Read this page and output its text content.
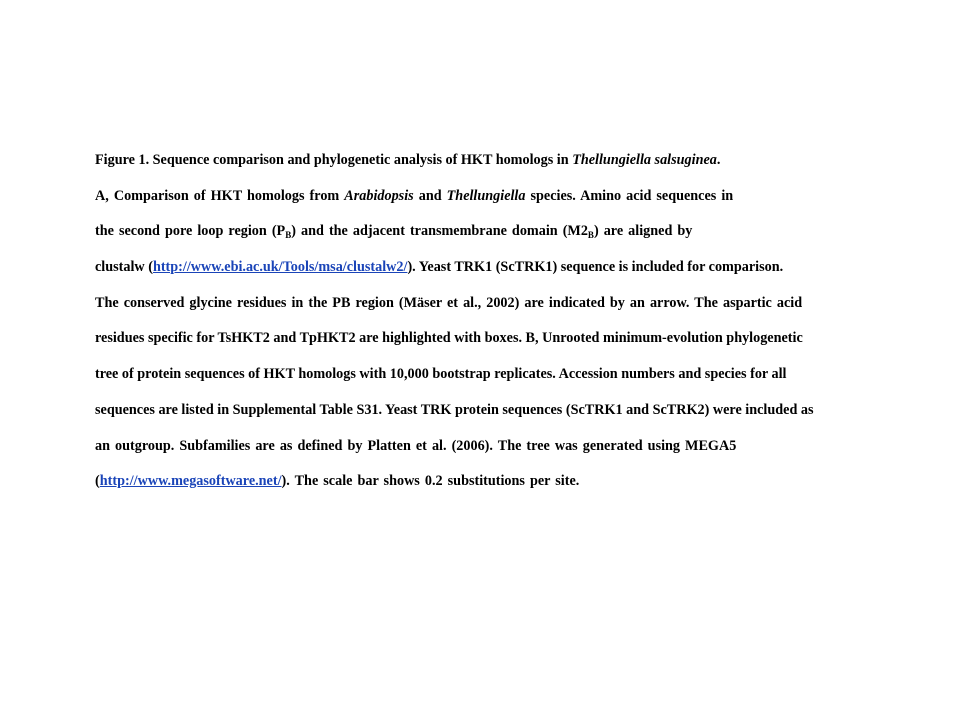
Figure 1. Sequence comparison and phylogenetic analysis of HKT homologs in Thellungiella salsuginea.
A, Comparison of HKT homologs from Arabidopsis and Thellungiella species. Amino acid sequences in
the second pore loop region $(P_B)$ and the adjacent transmembrane domain $(M2_B)$ are aligned by
clustalw (http://www.ebi.ac.uk/Tools/msa/clustalw2/). Yeast TRK1 (ScTRK1) sequence is included for comparison.
The conserved glycine residues in the PB region (Mäser et al., 2002) are indicated by an arrow. The aspartic acid
residues specific for TsHKT2 and TpHKT2 are highlighted with boxes. B, Unrooted minimum-evolution phylogenetic
tree of protein sequences of HKT homologs with 10,000 bootstrap replicates. Accession numbers and species for all
sequences are listed in Supplemental Table S31. Yeast TRK protein sequences (ScTRK1 and ScTRK2) were included as
an outgroup. Subfamilies are as defined by Platten et al. (2006). The tree was generated using MEGA5
(http://www.megasoftware.net/). The scale bar shows 0.2 substitutions per site.
